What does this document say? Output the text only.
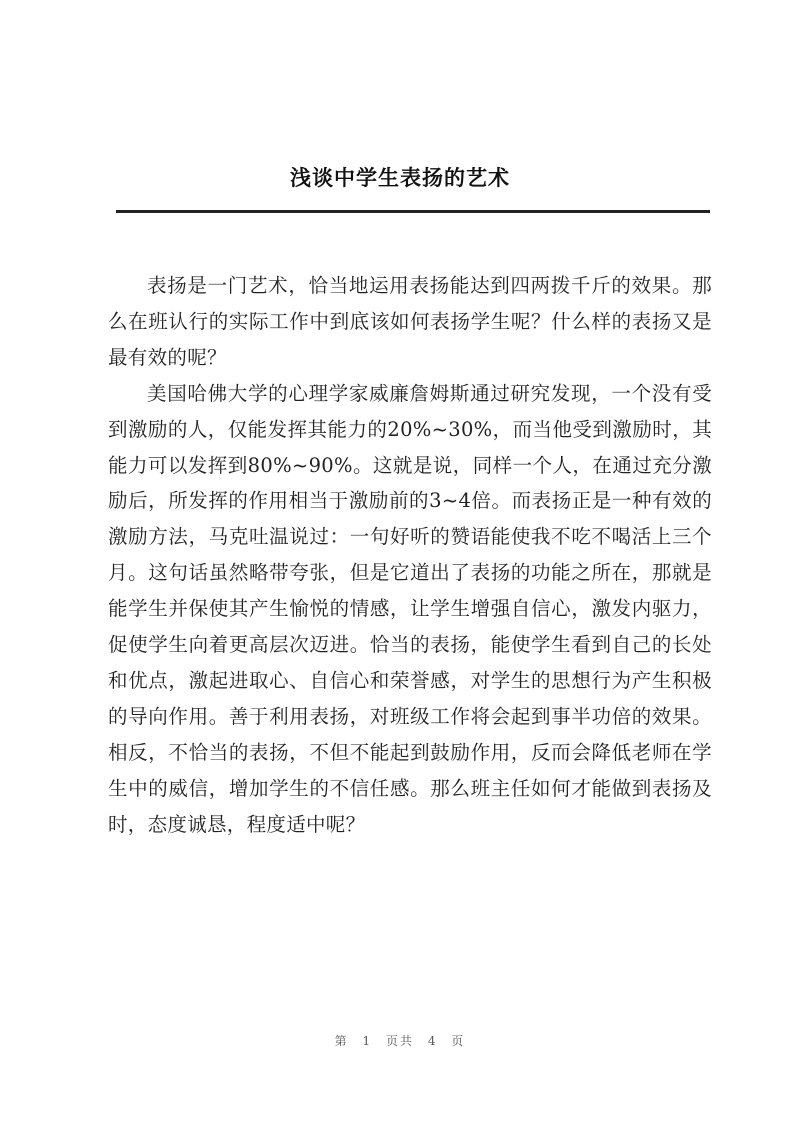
浅谈中学生表扬的艺术

表扬是一门艺术，恰当地运用表扬能达到四两拨千斤的效果。那么在班认行的实际工作中到底该如何表扬学生呢？什么样的表扬又是最有效的呢？

美国哈佛大学的心理学家威廉詹姆斯通过研究发现，一个没有受到激励的人，仅能发挥其能力的20%~30%，而当他受到激励时，其能力可以发挥到80%~90%。这就是说，同样一个人，在通过充分激励后，所发挥的作用相当于激励前的3~4倍。而表扬正是一种有效的激励方法，马克吐温说过：一句好听的赞语能使我不吃不喝活上三个月。这句话虽然略带夸张，但是它道出了表扬的功能之所在，那就是能学生并保使其产生愉悦的情感，让学生增强自信心，激发内驱力，促使学生向着更高层次迈进。恰当的表扬，能使学生看到自己的长处和优点，激起进取心、自信心和荣誉感，对学生的思想行为产生积极的导向作用。善于利用表扬，对班级工作将会起到事半功倍的效果。相反，不恰当的表扬，不但不能起到鼓励作用，反而会降低老师在学生中的威信，增加学生的不信任感。那么班主任如何才能做到表扬及时，态度诚恳，程度适中呢？

第 1 页共 4 页
